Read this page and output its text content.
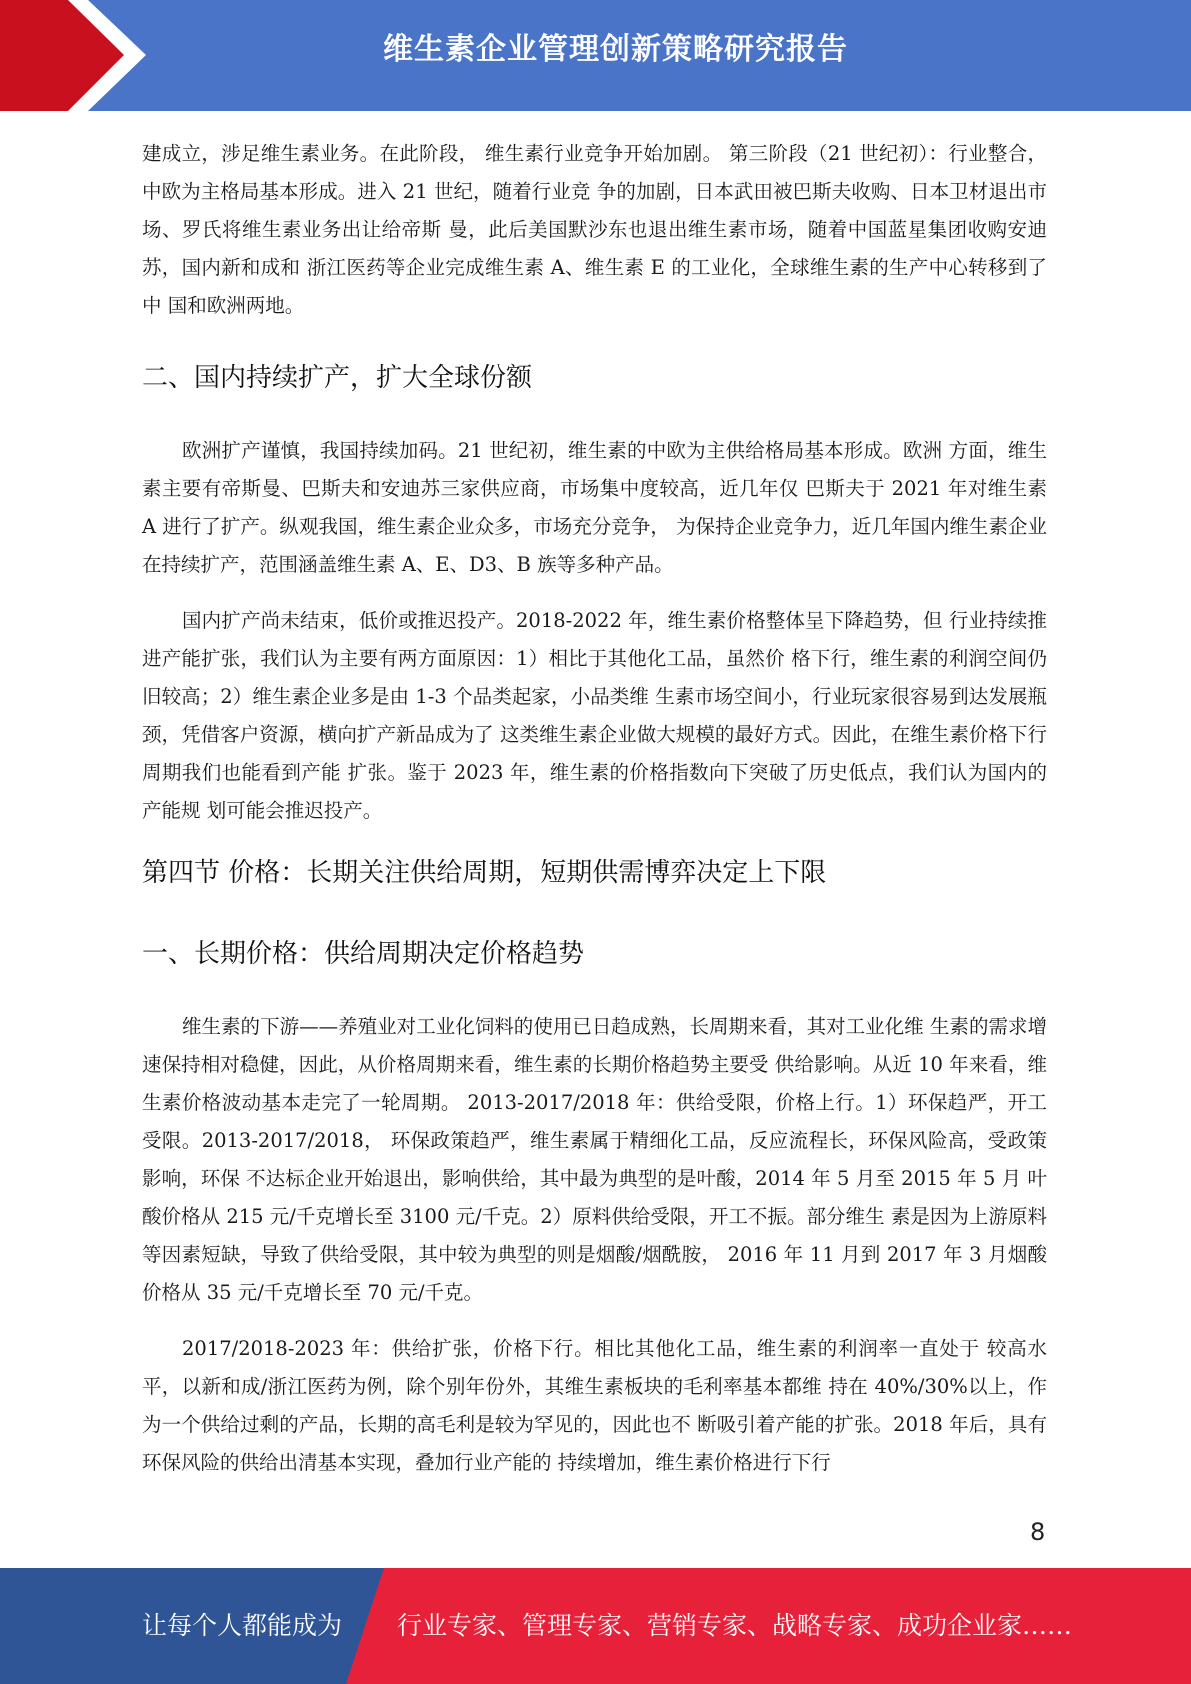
维生素企业管理创新策略研究报告

建成立，涉足维生素业务。在此阶段， 维生素行业竞争开始加剧。 第三阶段（21 世纪初）：行业整合，中欧为主格局基本形成。进入 21 世纪，随着行业竞 争的加剧，日本武田被巴斯夫收购、日本卫材退出市场、罗氏将维生素业务出让给帝斯 曼，此后美国默沙东也退出维生素市场，随着中国蓝星集团收购安迪苏，国内新和成和 浙江医药等企业完成维生素 A、维生素 E 的工业化，全球维生素的生产中心转移到了中 国和欧洲两地。

二、国内持续扩产，扩大全球份额

欧洲扩产谨慎，我国持续加码。21 世纪初，维生素的中欧为主供给格局基本形成。欧洲 方面，维生素主要有帝斯曼、巴斯夫和安迪苏三家供应商，市场集中度较高，近几年仅 巴斯夫于 2021 年对维生素 A 进行了扩产。纵观我国，维生素企业众多，市场充分竞争， 为保持企业竞争力，近几年国内维生素企业在持续扩产，范围涵盖维生素 A、E、D3、B 族等多种产品。

国内扩产尚未结束，低价或推迟投产。2018-2022 年，维生素价格整体呈下降趋势，但 行业持续推进产能扩张，我们认为主要有两方面原因：1）相比于其他化工品，虽然价 格下行，维生素的利润空间仍旧较高；2）维生素企业多是由 1-3 个品类起家，小品类维 生素市场空间小，行业玩家很容易到达发展瓶颈，凭借客户资源，横向扩产新品成为了 这类维生素企业做大规模的最好方式。因此，在维生素价格下行周期我们也能看到产能 扩张。鉴于 2023 年，维生素的价格指数向下突破了历史低点，我们认为国内的产能规 划可能会推迟投产。

第四节 价格：长期关注供给周期，短期供需博弈决定上下限
一、长期价格：供给周期决定价格趋势

维生素的下游——养殖业对工业化饲料的使用已日趋成熟，长周期来看，其对工业化维 生素的需求增速保持相对稳健，因此，从价格周期来看，维生素的长期价格趋势主要受 供给影响。从近 10 年来看，维生素价格波动基本走完了一轮周期。 2013-2017/2018 年：供给受限，价格上行。1）环保趋严，开工受限。2013-2017/2018， 环保政策趋严，维生素属于精细化工品，反应流程长，环保风险高，受政策影响，环保 不达标企业开始退出，影响供给，其中最为典型的是叶酸，2014 年 5 月至 2015 年 5 月 叶酸价格从 215 元/千克增长至 3100 元/千克。2）原料供给受限，开工不振。部分维生 素是因为上游原料等因素短缺，导致了供给受限，其中较为典型的则是烟酸/烟酰胺， 2016 年 11 月到 2017 年 3 月烟酸价格从 35 元/千克增长至 70 元/千克。

2017/2018-2023 年：供给扩张，价格下行。相比其他化工品，维生素的利润率一直处于 较高水平，以新和成/浙江医药为例，除个别年份外，其维生素板块的毛利率基本都维 持在 40%/30%以上，作为一个供给过剩的产品，长期的高毛利是较为罕见的，因此也不 断吸引着产能的扩张。2018 年后，具有环保风险的供给出清基本实现，叠加行业产能的 持续增加，维生素价格进行下行

8
让每个人都能成为 行业专家、管理专家、营销专家、战略专家、成功企业家……
